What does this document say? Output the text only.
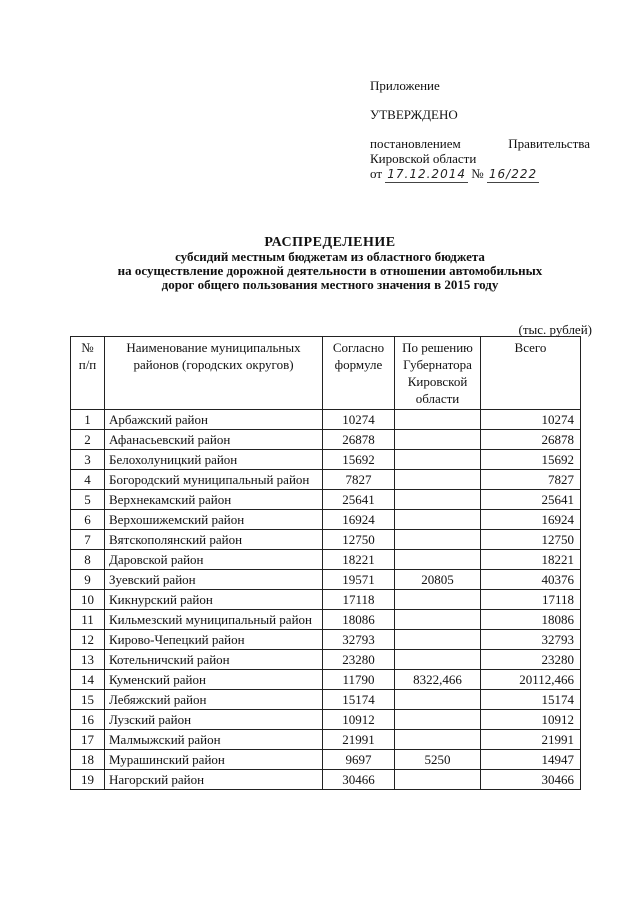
Приложение
УТВЕРЖДЕНО
постановлением	Правительства
Кировской области
от 17.12.2014 № 16/222
РАСПРЕДЕЛЕНИЕ
субсидий местным бюджетам из областного бюджета
на осуществление дорожной деятельности в отношении автомобильных
дорог общего пользования местного значения в 2015 году
(тыс. рублей)
№ п/п	Наименование муниципальных районов (городских округов)	Согласно формуле	По решению Губернатора Кировской области	Всего
1	Арбажский район	10274		10274
2	Афанасьевский район	26878		26878
3	Белохолуницкий район	15692		15692
4	Богородский муниципальный район	7827		7827
5	Верхнекамский район	25641		25641
6	Верхошижемский район	16924		16924
7	Вятскополянский район	12750		12750
8	Даровской район	18221		18221
9	Зуевский район	19571	20805	40376
10	Кикнурский район	17118		17118
11	Кильмезский муниципальный район	18086		18086
12	Кирово-Чепецкий район	32793		32793
13	Котельничский район	23280		23280
14	Куменский район	11790	8322,466	20112,466
15	Лебяжский район	15174		15174
16	Лузский район	10912		10912
17	Малмыжский район	21991		21991
18	Мурашинский район	9697	5250	14947
19	Нагорский район	30466		30466
